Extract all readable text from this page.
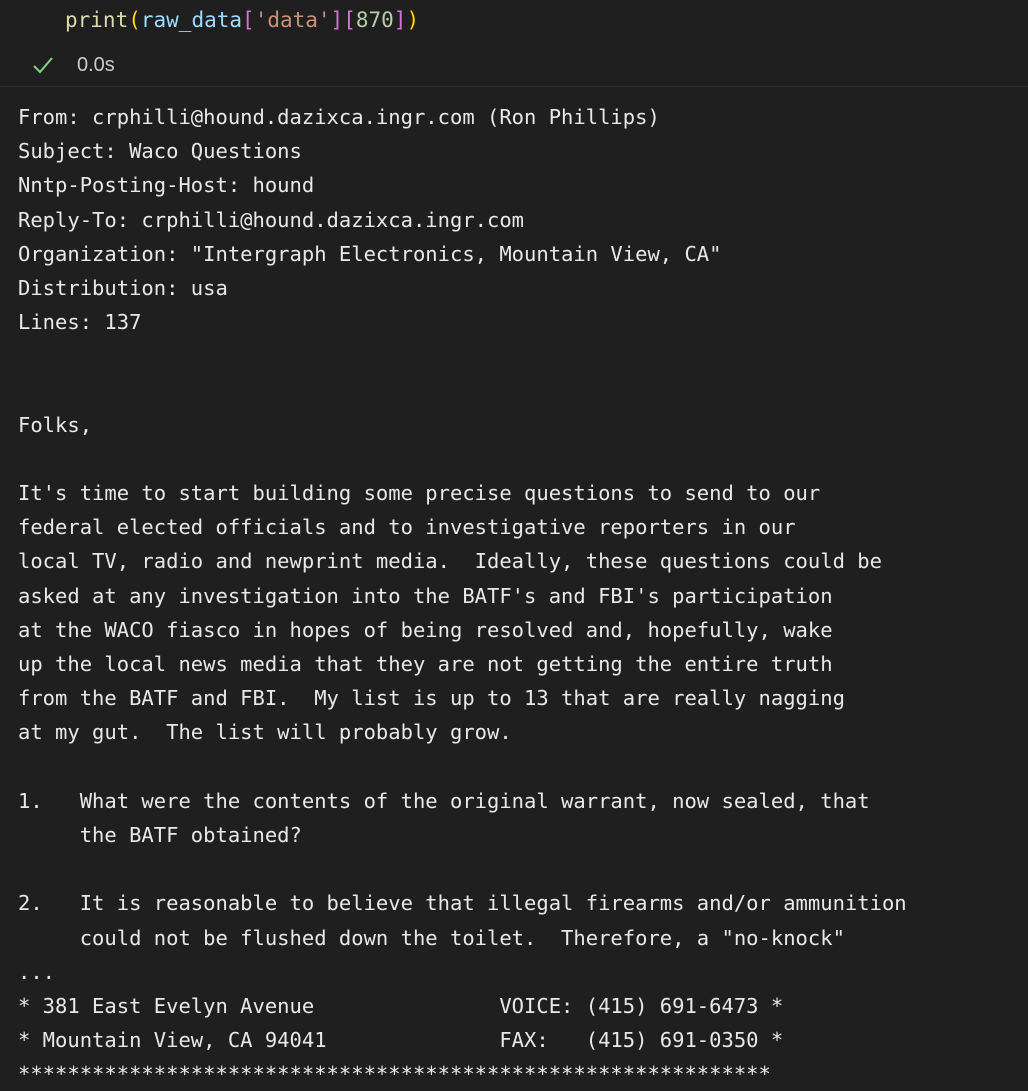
print(raw_data['data'][870])
0.0s
From: crphilli@hound.dazixca.ingr.com (Ron Phillips)
Subject: Waco Questions
Nntp-Posting-Host: hound
Reply-To: crphilli@hound.dazixca.ingr.com
Organization: "Intergraph Electronics, Mountain View, CA"
Distribution: usa
Lines: 137
Folks,
It's time to start building some precise questions to send to our
federal elected officials and to investigative reporters in our
local TV, radio and newprint media.  Ideally, these questions could be
asked at any investigation into the BATF's and FBI's participation
at the WACO fiasco in hopes of being resolved and, hopefully, wake
up the local news media that they are not getting the entire truth
from the BATF and FBI.  My list is up to 13 that are really nagging
at my gut.  The list will probably grow.
1.   What were the contents of the original warrant, now sealed, that
the BATF obtained?
2.   It is reasonable to believe that illegal firearms and/or ammunition
could not be flushed down the toilet.  Therefore, a "no-knock"
...
* 381 East Evelyn Avenue               VOICE: (415) 691-6473 *
* Mountain View, CA 94041              FAX:   (415) 691-0350 *
*************************************************************
